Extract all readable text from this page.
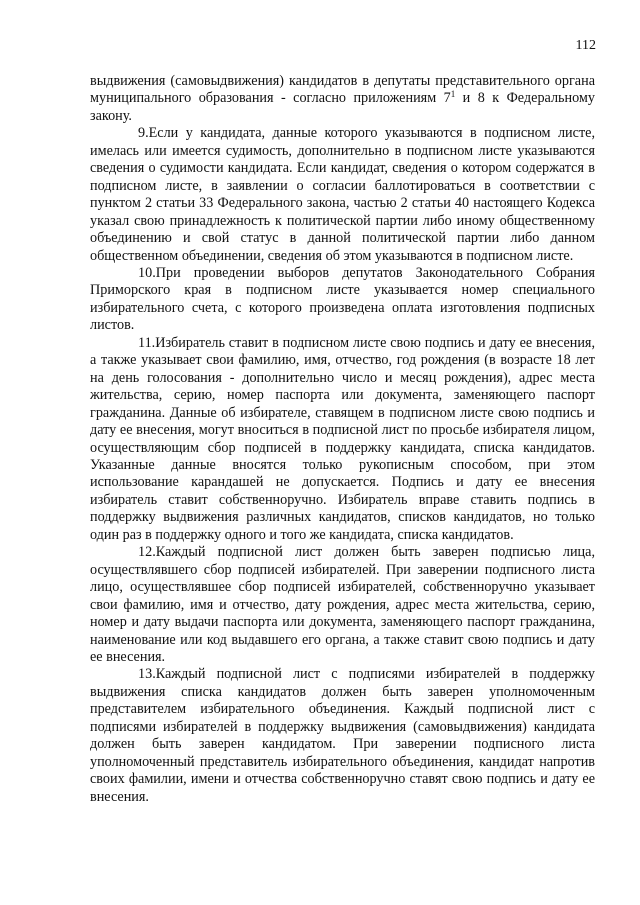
112

выдвижения (самовыдвижения) кандидатов в депутаты представительного органа муниципального образования - согласно приложениям $7^1$ и 8 к Федеральному закону.

9.Если у кандидата, данные которого указываются в подписном листе, имелась или имеется судимость, дополнительно в подписном листе указываются сведения о судимости кандидата. Если кандидат, сведения о котором содержатся в подписном листе, в заявлении о согласии баллотироваться в соответствии с пунктом 2 статьи 33 Федерального закона, частью 2 статьи 40 настоящего Кодекса указал свою принадлежность к политической партии либо иному общественному объединению и свой статус в данной политической партии либо данном общественном объединении, сведения об этом указываются в подписном листе.

10.При проведении выборов депутатов Законодательного Собрания Приморского края в подписном листе указывается номер специального избирательного счета, с которого произведена оплата изготовления подписных листов.

11.Избиратель ставит в подписном листе свою подпись и дату ее внесения, а также указывает свои фамилию, имя, отчество, год рождения (в возрасте 18 лет на день голосования - дополнительно число и месяц рождения), адрес места жительства, серию, номер паспорта или документа, заменяющего паспорт гражданина. Данные об избирателе, ставящем в подписном листе свою подпись и дату ее внесения, могут вноситься в подписной лист по просьбе избирателя лицом, осуществляющим сбор подписей в поддержку кандидата, списка кандидатов. Указанные данные вносятся только рукописным способом, при этом использование карандашей не допускается. Подпись и дату ее внесения избиратель ставит собственноручно. Избиратель вправе ставить подпись в поддержку выдвижения различных кандидатов, списков кандидатов, но только один раз в поддержку одного и того же кандидата, списка кандидатов.

12.Каждый подписной лист должен быть заверен подписью лица, осуществлявшего сбор подписей избирателей. При заверении подписного листа лицо, осуществлявшее сбор подписей избирателей, собственноручно указывает свои фамилию, имя и отчество, дату рождения, адрес места жительства, серию, номер и дату выдачи паспорта или документа, заменяющего паспорт гражданина, наименование или код выдавшего его органа, а также ставит свою подпись и дату ее внесения.

13.Каждый подписной лист с подписями избирателей в поддержку выдвижения списка кандидатов должен быть заверен уполномоченным представителем избирательного объединения. Каждый подписной лист с подписями избирателей в поддержку выдвижения (самовыдвижения) кандидата должен быть заверен кандидатом. При заверении подписного листа уполномоченный представитель избирательного объединения, кандидат напротив своих фамилии, имени и отчества собственноручно ставят свою подпись и дату ее внесения.
